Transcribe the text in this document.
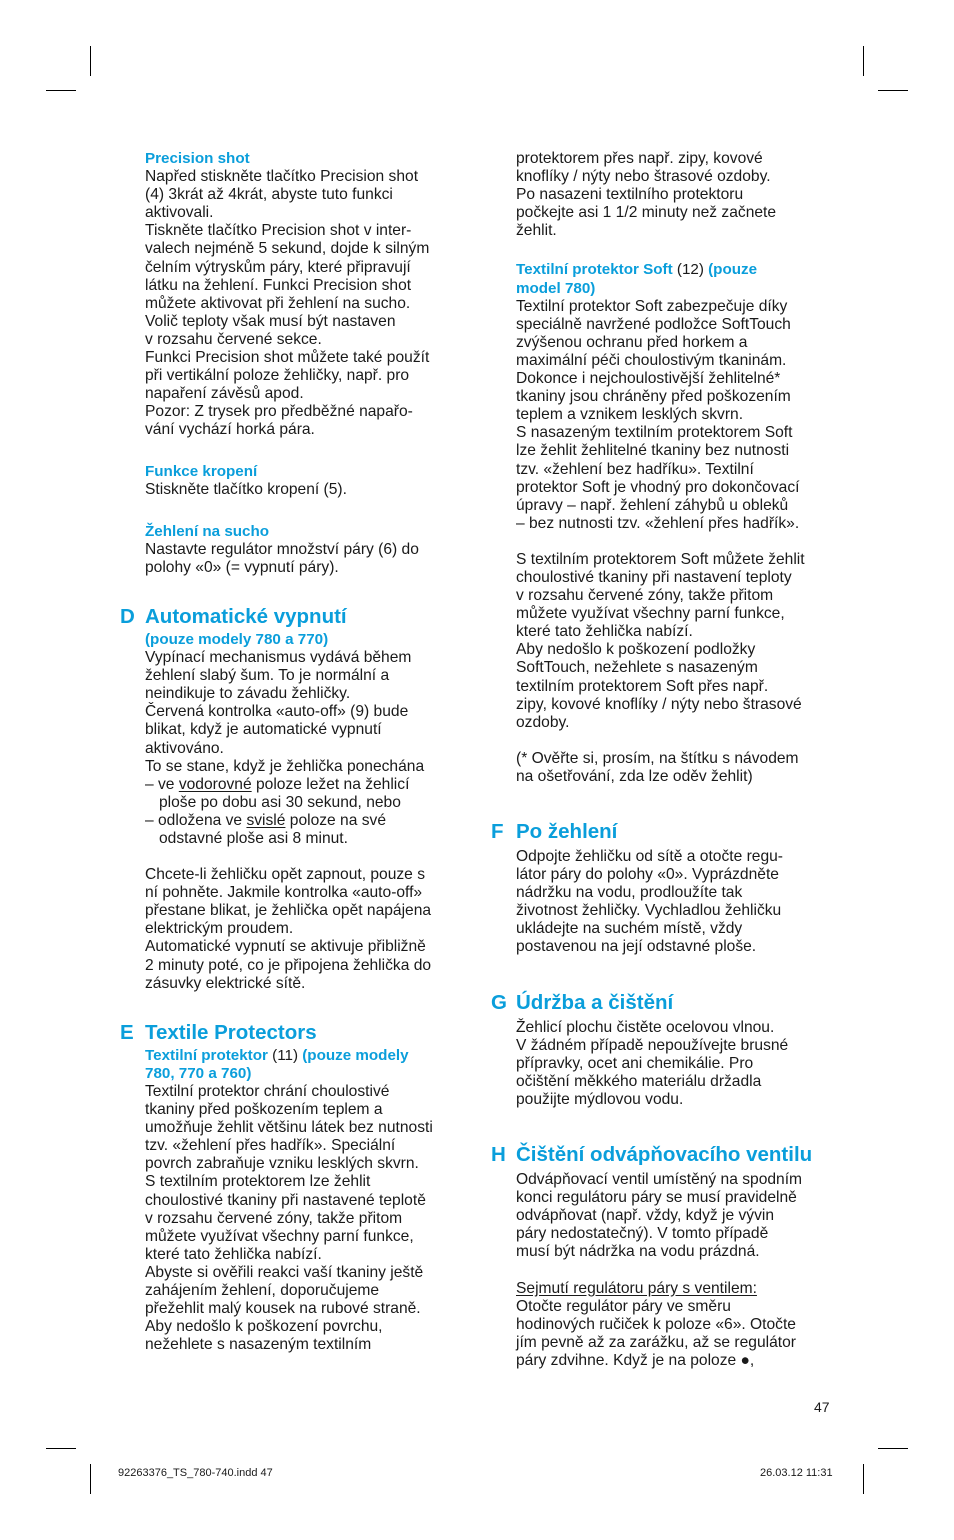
Precision shot

Napřed stiskněte tlačítko Precision shot

(4) 3krát až 4krát, abyste tuto funkci

aktivovali.

Tiskněte tlačítko Precision shot v inter-

valech nejméně 5 sekund, dojde k silným

čelním výtryskům páry, které připravují

látku na žehlení. Funkci Precision shot

můžete aktivovat při žehlení na sucho.

Volič teploty však musí být nastaven

v rozsahu červené sekce.

Funkci Precision shot můžete také použít

při vertikální poloze žehličky, např. pro

napaření závěsů apod.

Pozor: Z trysek pro předběžné napařo-

vání vychází horká pára.

Funkce kropení

Stiskněte tlačítko kropení (5).

Žehlení na sucho

Nastavte regulátor množství páry (6) do

polohy «0» (= vypnutí páry).

D Automatické vypnutí

(pouze modely 780 a 770)

Vypínací mechanismus vydává během

žehlení slabý šum. To je normální a

neindikuje to závadu žehličky.

Červená kontrolka «auto-off» (9) bude

blikat, když je automatické vypnutí

aktivováno.

To se stane, když je žehlička ponechána

– ve vodorovné poloze ležet na žehlicí
ploše po dobu asi 30 sekund, nebo

– odložena ve svislé poloze na své
odstavné ploše asi 8 minut.

Chcete-li žehličku opět zapnout, pouze s

ní pohněte. Jakmile kontrolka «auto-off»

přestane blikat, je žehlička opět napájena

elektrickým proudem.

Automatické vypnutí se aktivuje přibližně

2 minuty poté, co je připojena žehlička do

zásuvky elektrické sítě.

E Textile Protectors

Textilní protektor (11) (pouze modely
780, 770 a 760)

Textilní protektor chrání choulostivé

tkaniny před poškozením teplem a

umožňuje žehlit většinu látek bez nutnosti

tzv. «žehlení přes hadřík». Speciální

povrch zabraňuje vzniku lesklých skvrn.

S textilním protektorem lze žehlit

choulostivé tkaniny při nastavené teplotě

v rozsahu červené zóny, takže přitom

můžete využívat všechny parní funkce,

které tato žehlička nabízí.

Abyste si ověřili reakci vaší tkaniny ještě

zahájením žehlení, doporučujeme

přežehlit malý kousek na rubové straně.

Aby nedošlo k poškození povrchu,

nežehlete s nasazeným textilním

protektorem přes např. zipy, kovové

knoflíky / nýty nebo štrasové ozdoby.

Po nasazeni textilního protektoru

počkejte asi 1 1/2 minuty než začnete

žehlit.

Textilní protektor Soft (12) (pouze
model 780)

Textilní protektor Soft zabezpečuje díky

speciálně navržené podložce SoftTouch

zvýšenou ochranu před horkem a

maximální péči choulostivým tkaninám.

Dokonce i nejchoulostivější žehlitelné*

tkaniny jsou chráněny před poškozením

teplem a vznikem lesklých skvrn.

S nasazeným textilním protektorem Soft

lze žehlit žehlitelné tkaniny bez nutnosti

tzv. «žehlení bez hadříku». Textilní

protektor Soft je vhodný pro dokončovací

úpravy – např. žehlení záhybů u obleků

– bez nutnosti tzv. «žehlení přes hadřík».

S textilním protektorem Soft můžete žehlit

choulostivé tkaniny při nastavení teploty

v rozsahu červené zóny, takže přitom

můžete využívat všechny parní funkce,

které tato žehlička nabízí.

Aby nedošlo k poškození podložky

SoftTouch, nežehlete s nasazeným

textilním protektorem Soft přes např.

zipy, kovové knoflíky / nýty nebo štrasové

ozdoby.

(* Ověřte si, prosím, na štítku s návodem

na ošetřování, zda lze oděv žehlit)

F Po žehlení

Odpojte žehličku od sítě a otočte regu-

látor páry do polohy «0». Vyprázdněte

nádržku na vodu, prodloužíte tak

životnost žehličky. Vychladlou žehličku

ukládejte na suchém místě, vždy

postavenou na její odstavné ploše.

G Údržba a čištění

Žehlicí plochu čistěte ocelovou vlnou.

V žádném případě nepoužívejte brusné

přípravky, ocet ani chemikálie. Pro

očištění měkkého materiálu držadla

použijte mýdlovou vodu.

H Čištění odvápňovacího ventilu

Odvápňovací ventil umístěný na spodním

konci regulátoru páry se musí pravidelně

odvápňovat (např. vždy, když je vývin

páry nedostatečný). V tomto případě

musí být nádržka na vodu prázdná.

Sejmutí regulátoru páry s ventilem:

Otočte regulátor páry ve směru

hodinových ručiček k poloze «6». Otočte

jím pevně až za zarážku, až se regulátor

páry zdvihne. Když je na poloze ●,

47
92263376_TS_780-740.indd 47	26.03.12 11:31
